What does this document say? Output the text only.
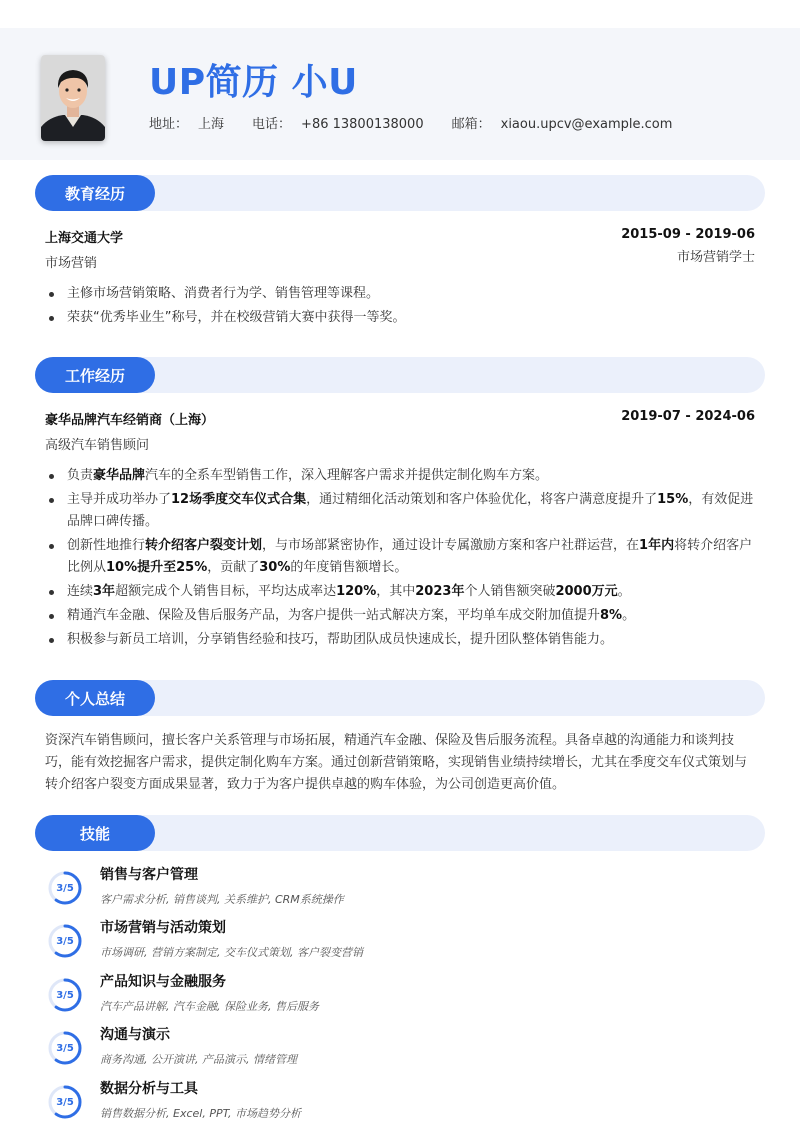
UP简历 小U
地址： 上海 电话： +86 13800138000 邮箱： xiaou.upcv@example.com
教育经历
上海交通大学	2015-09 - 2019-06
市场营销	市场营销学士
主修市场营销策略、消费者行为学、销售管理等课程。
荣获“优秀毕业生”称号，并在校级营销大赛中获得一等奖。
工作经历
豪华品牌汽车经销商（上海）	2019-07 - 2024-06
高级汽车销售顾问
负责豪华品牌汽车的全系车型销售工作，深入理解客户需求并提供定制化购车方案。
主导并成功举办了12场季度交车仪式合集，通过精细化活动策划和客户体验优化，将客户满意度提升了15%，有效促进品牌口碑传播。
创新性地推行转介绍客户裂变计划，与市场部紧密协作，通过设计专属激励方案和客户社群运营，在1年内将转介绍客户比例从10%提升至25%，贡献了30%的年度销售额增长。
连续3年超额完成个人销售目标，平均达成率达120%，其中2023年个人销售额突破2000万元。
精通汽车金融、保险及售后服务产品，为客户提供一站式解决方案，平均单车成交附加值提升8%。
积极参与新员工培训，分享销售经验和技巧，帮助团队成员快速成长，提升团队整体销售能力。
个人总结
资深汽车销售顾问，擅长客户关系管理与市场拓展，精通汽车金融、保险及售后服务流程。具备卓越的沟通能力和谈判技巧，能有效挖掘客户需求，提供定制化购车方案。通过创新营销策略，实现销售业绩持续增长，尤其在季度交车仪式策划与转介绍客户裂变方面成果显著，致力于为客户提供卓越的购车体验，为公司创造更高价值。
技能
3/5
销售与客户管理
客户需求分析, 销售谈判, 关系维护, CRM系统操作
3/5
市场营销与活动策划
市场调研, 营销方案制定, 交车仪式策划, 客户裂变营销
3/5
产品知识与金融服务
汽车产品讲解, 汽车金融, 保险业务, 售后服务
3/5
沟通与演示
商务沟通, 公开演讲, 产品演示, 情绪管理
3/5
数据分析与工具
销售数据分析, Excel, PPT, 市场趋势分析
